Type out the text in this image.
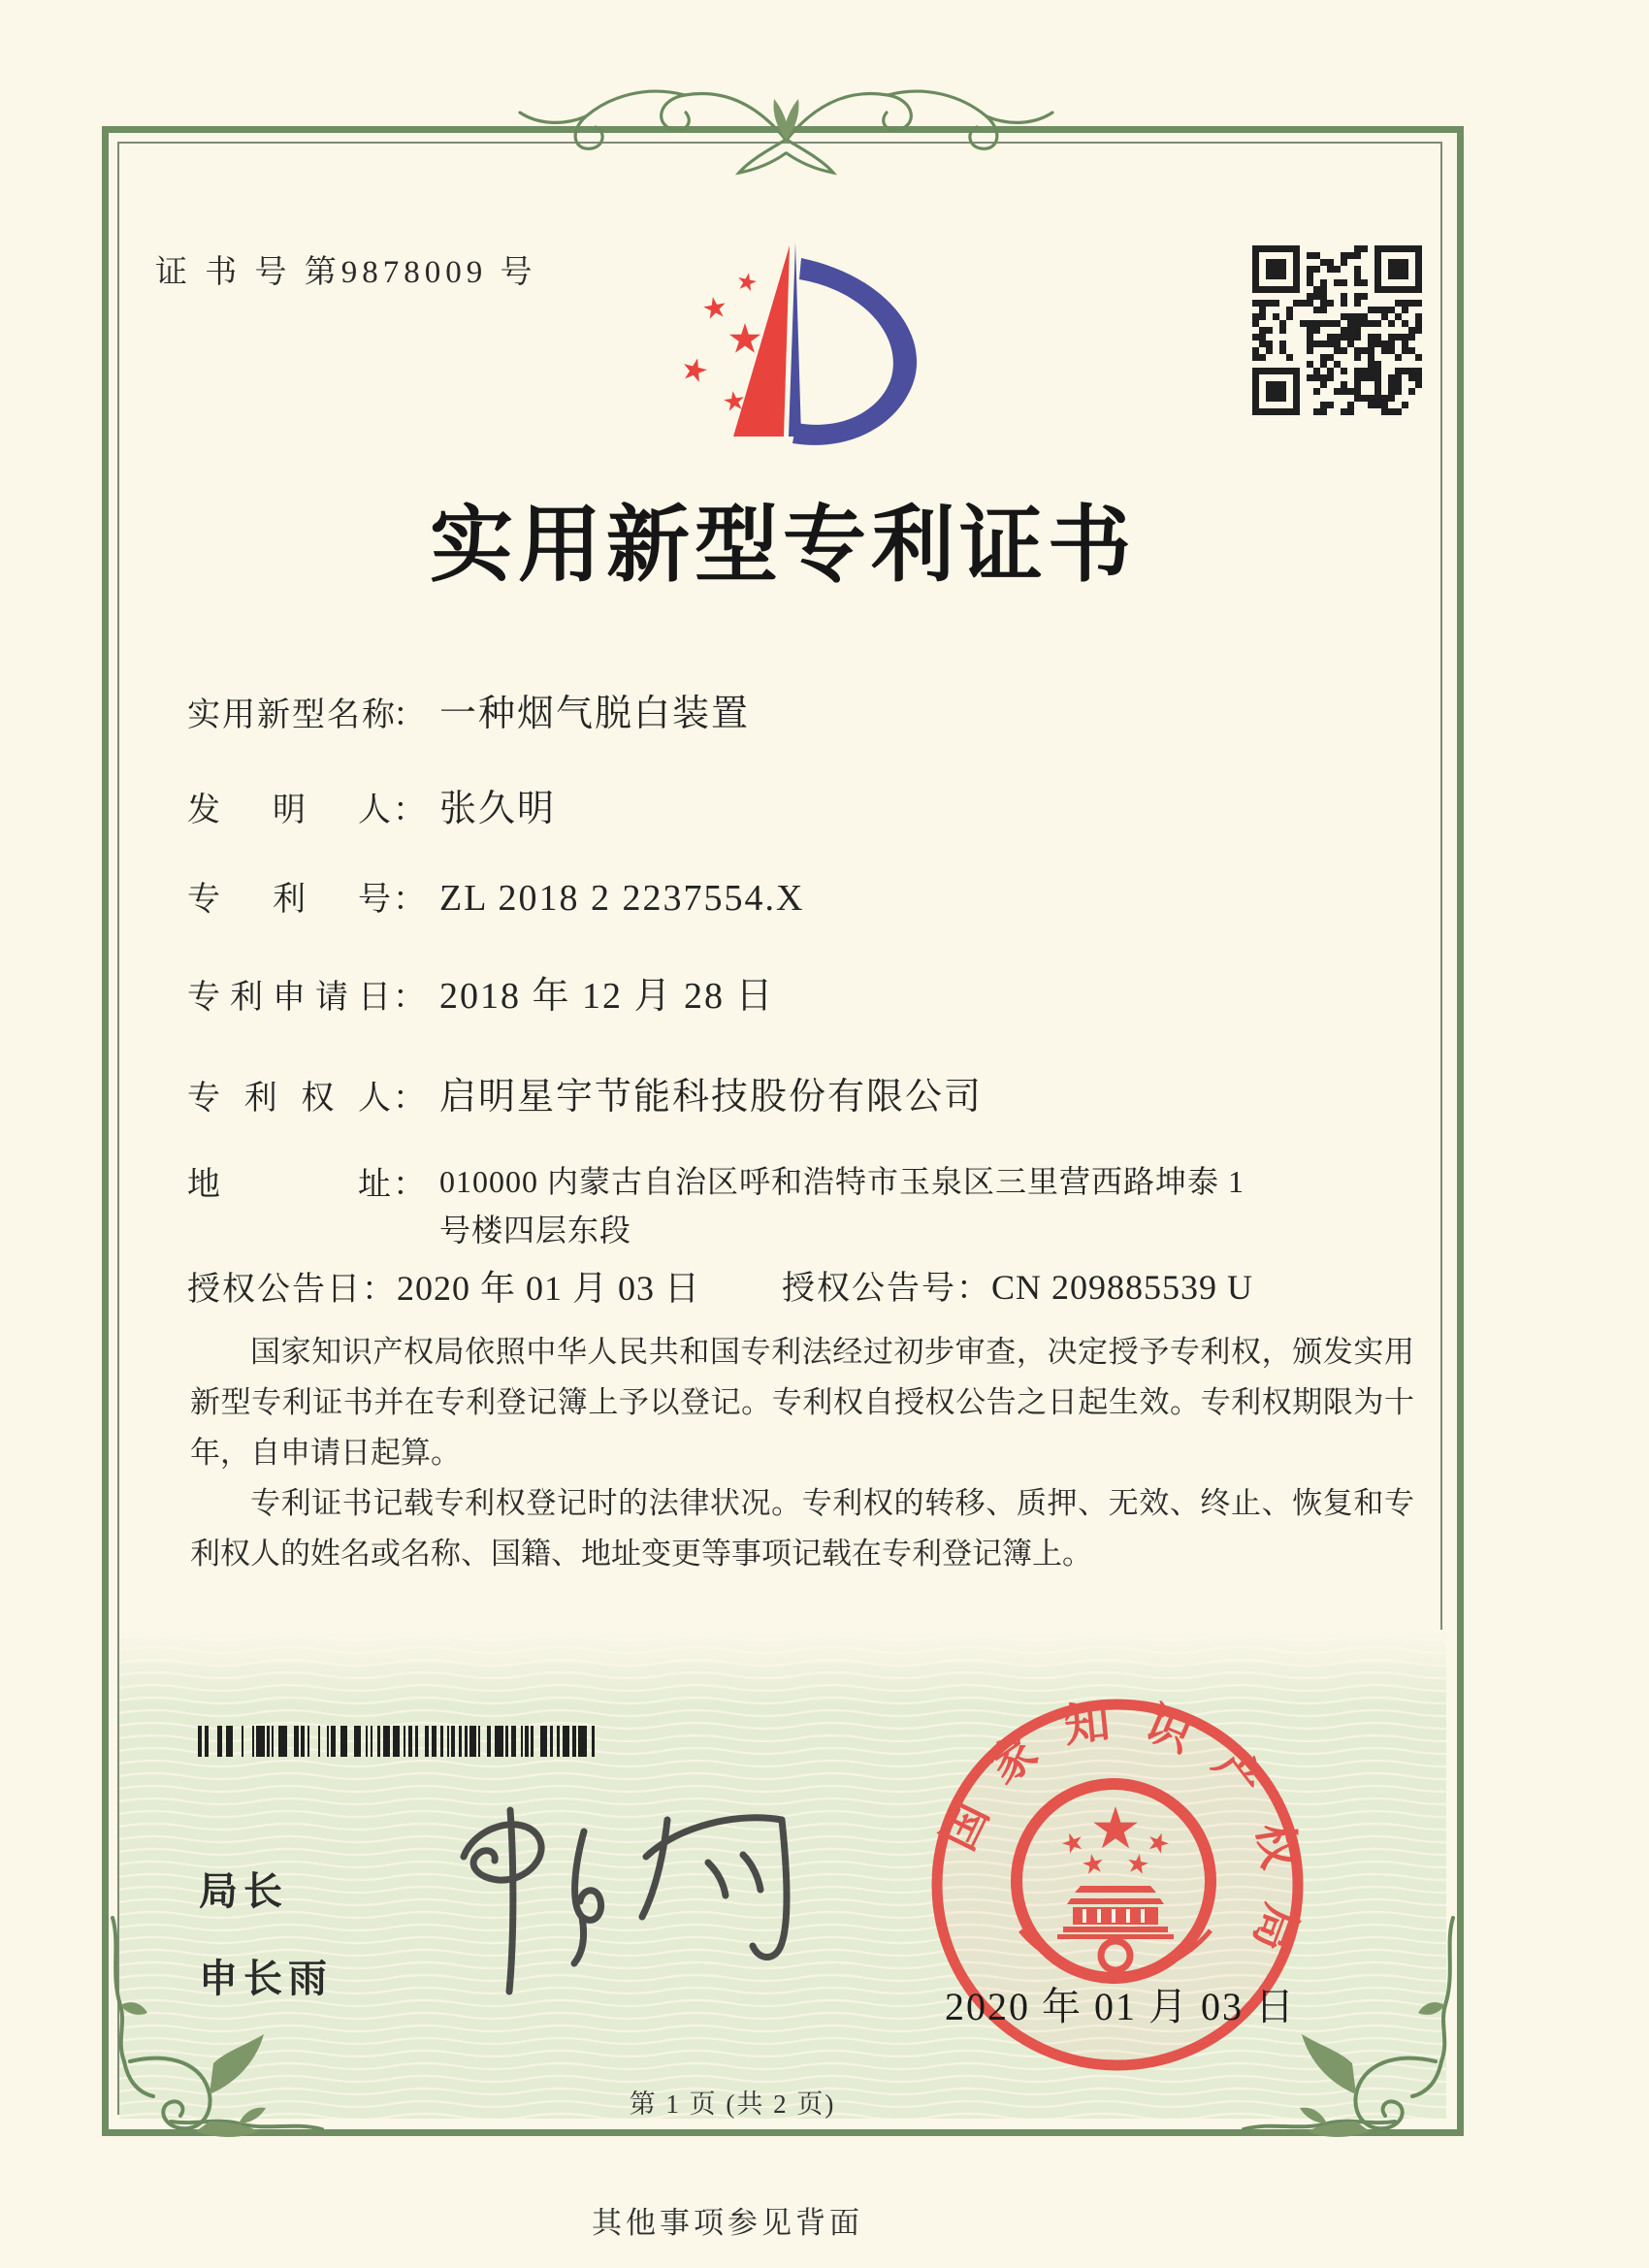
证 书 号 第9878009 号
实用新型专利证书
实用新型名称： 一种烟气脱白装置
发明人： 张久明
专利号： ZL 2018 2 2237554.X
专利申请日： 2018 年 12 月 28 日
专利权人： 启明星宇节能科技股份有限公司
地址： 010000 内蒙古自治区呼和浩特市玉泉区三里营西路坤泰 1
号楼四层东段
授权公告日：2020 年 01 月 03 日 授权公告号：CN 209885539 U

国家知识产权局依照中华人民共和国专利法经过初步审查，决定授予专利权，颁发实用新型专利证书并在专利登记簿上予以登记。专利权自授权公告之日起生效。专利权期限为十年，自申请日起算。

专利证书记载专利权登记时的法律状况。专利权的转移、质押、无效、终止、恢复和专利权人的姓名或名称、国籍、地址变更等事项记载在专利登记簿上。

局长
申长雨
国家知识产权局
2020 年 01 月 03 日
第 1 页 (共 2 页)
其他事项参见背面
